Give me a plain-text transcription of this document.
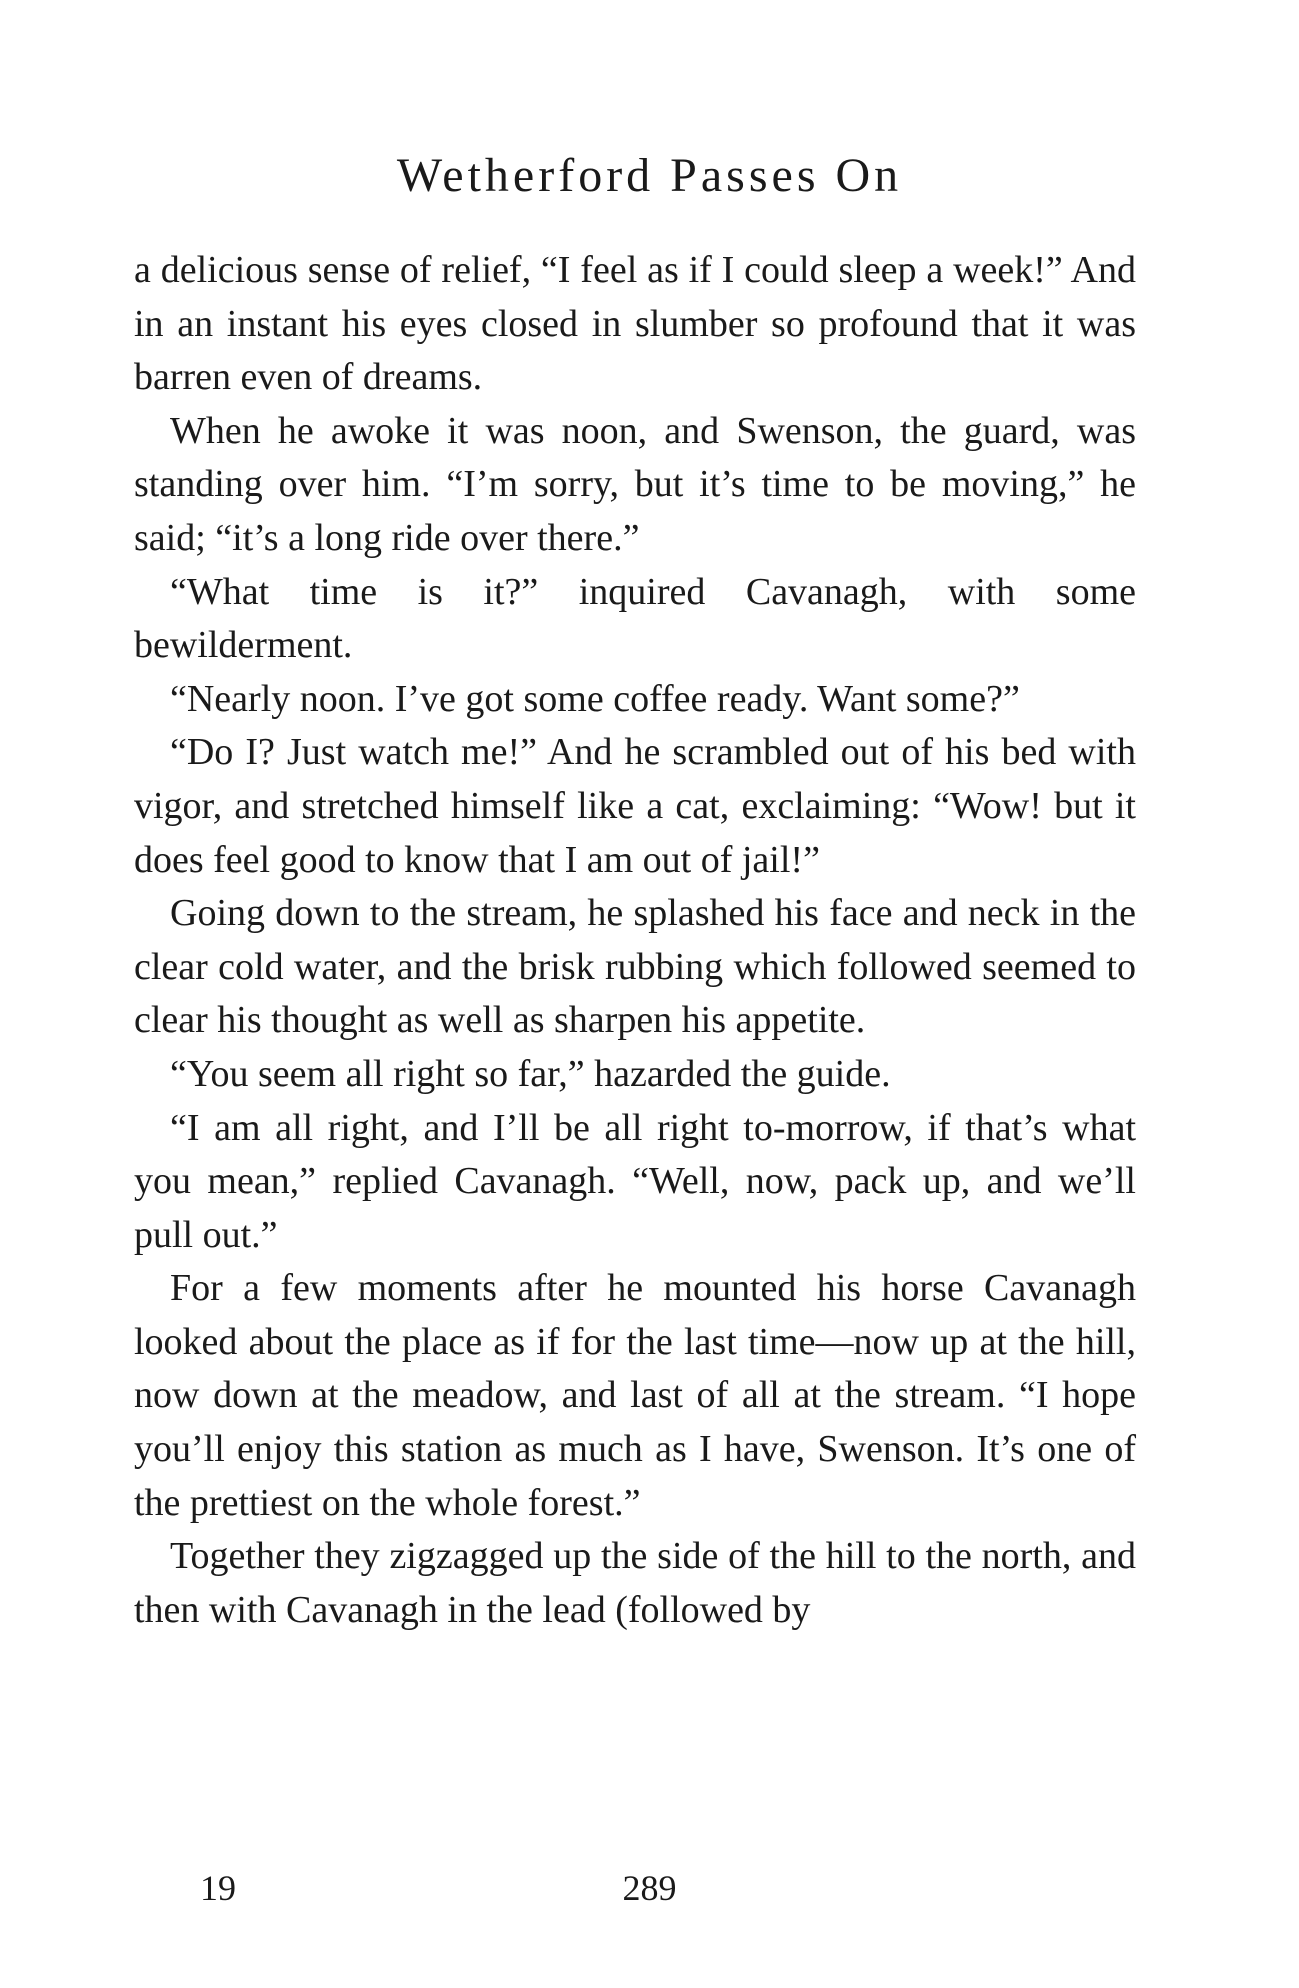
Wetherford Passes On

a delicious sense of relief, “I feel as if I could sleep a week!” And in an instant his eyes closed in slumber so profound that it was barren even of dreams.

When he awoke it was noon, and Swenson, the guard, was standing over him. “I’m sorry, but it’s time to be moving,” he said; “it’s a long ride over there.”

“What time is it?” inquired Cavanagh, with some bewilderment.

“Nearly noon. I’ve got some coffee ready. Want some?”

“Do I? Just watch me!” And he scrambled out of his bed with vigor, and stretched himself like a cat, exclaiming: “Wow! but it does feel good to know that I am out of jail!”

Going down to the stream, he splashed his face and neck in the clear cold water, and the brisk rubbing which followed seemed to clear his thought as well as sharpen his appetite.

“You seem all right so far,” hazarded the guide.

“I am all right, and I’ll be all right to-morrow, if that’s what you mean,” replied Cavanagh. “Well, now, pack up, and we’ll pull out.”

For a few moments after he mounted his horse Cavanagh looked about the place as if for the last time—now up at the hill, now down at the meadow, and last of all at the stream. “I hope you’ll enjoy this station as much as I have, Swenson. It’s one of the prettiest on the whole forest.”

Together they zigzagged up the side of the hill to the north, and then with Cavanagh in the lead (followed by

289
19
